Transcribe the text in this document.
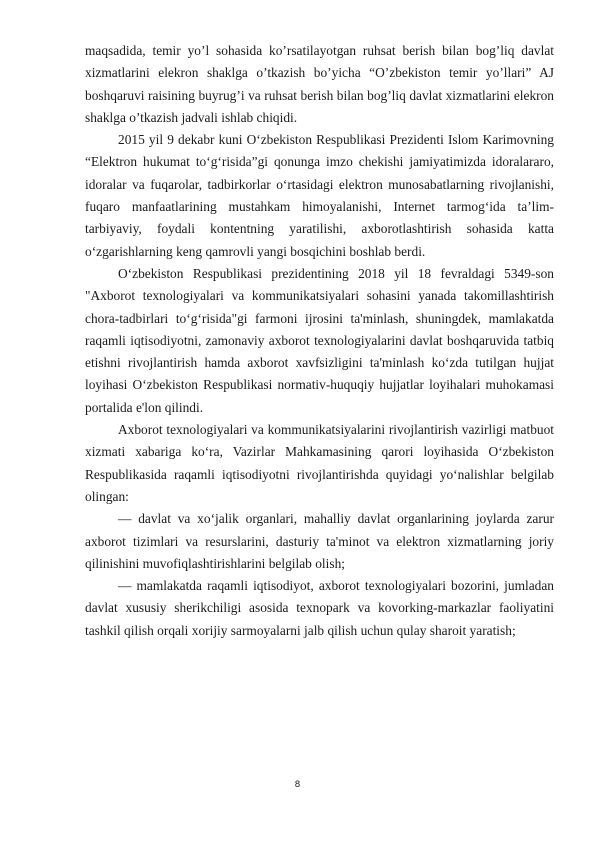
maqsadida, temir yo’l sohasida ko’rsatilayotgan ruhsat berish bilan bog’liq davlat xizmatlarini elekron shaklga o’tkazish bo’yicha “O’zbekiston temir yo’llari” AJ boshqaruvi raisining buyrug’i va ruhsat berish bilan bog’liq davlat xizmatlarini elekron shaklga o’tkazish jadvali ishlab chiqidi.

2015 yil 9 dekabr kuni O‘zbekiston Respublikasi Prezidenti Islom Karimovning “Elektron hukumat to‘g‘risida”gi qonunga imzo chekishi jamiyatimizda idoralararo, idoralar va fuqarolar, tadbirkorlar o‘rtasidagi elektron munosabatlarning rivojlanishi, fuqaro manfaatlarining mustahkam himoyalanishi, Internet tarmog‘ida ta’lim-tarbiyaviy, foydali kontentning yaratilishi, axborotlashtirish sohasida katta o‘zgarishlarning keng qamrovli yangi bosqichini boshlab berdi.

O‘zbekiston Respublikasi prezidentining 2018 yil 18 fevraldagi 5349-son "Axborot texnologiyalari va kommunikatsiyalari sohasini yanada takomillashtirish chora-tadbirlari to‘g‘risida"gi farmoni ijrosini ta'minlash, shuningdek, mamlakatda raqamli iqtisodiyotni, zamonaviy axborot texnologiyalarini davlat boshqaruvida tatbiq etishni rivojlantirish hamda axborot xavfsizligini ta'minlash ko‘zda tutilgan hujjat loyihasi O‘zbekiston Respublikasi normativ-huquqiy hujjatlar loyihalari muhokamasi portalida e'lon qilindi.

Axborot texnologiyalari va kommunikatsiyalarini rivojlantirish vazirligi matbuot xizmati xabariga ko‘ra, Vazirlar Mahkamasining qarori loyihasida O‘zbekiston Respublikasida raqamli iqtisodiyotni rivojlantirishda quyidagi yo‘nalishlar belgilab olingan:

— davlat va xo‘jalik organlari, mahalliy davlat organlarining joylarda zarur axborot tizimlari va resurslarini, dasturiy ta'minot va elektron xizmatlarning joriy qilinishini muvofiqlashtirishlarini belgilab olish;

— mamlakatda raqamli iqtisodiyot, axborot texnologiyalari bozorini, jumladan davlat xususiy sherikchiligi asosida texnopark va kovorking-markazlar faoliyatini tashkil qilish orqali xorijiy sarmoyalarni jalb qilish uchun qulay sharoit yaratish;

8
